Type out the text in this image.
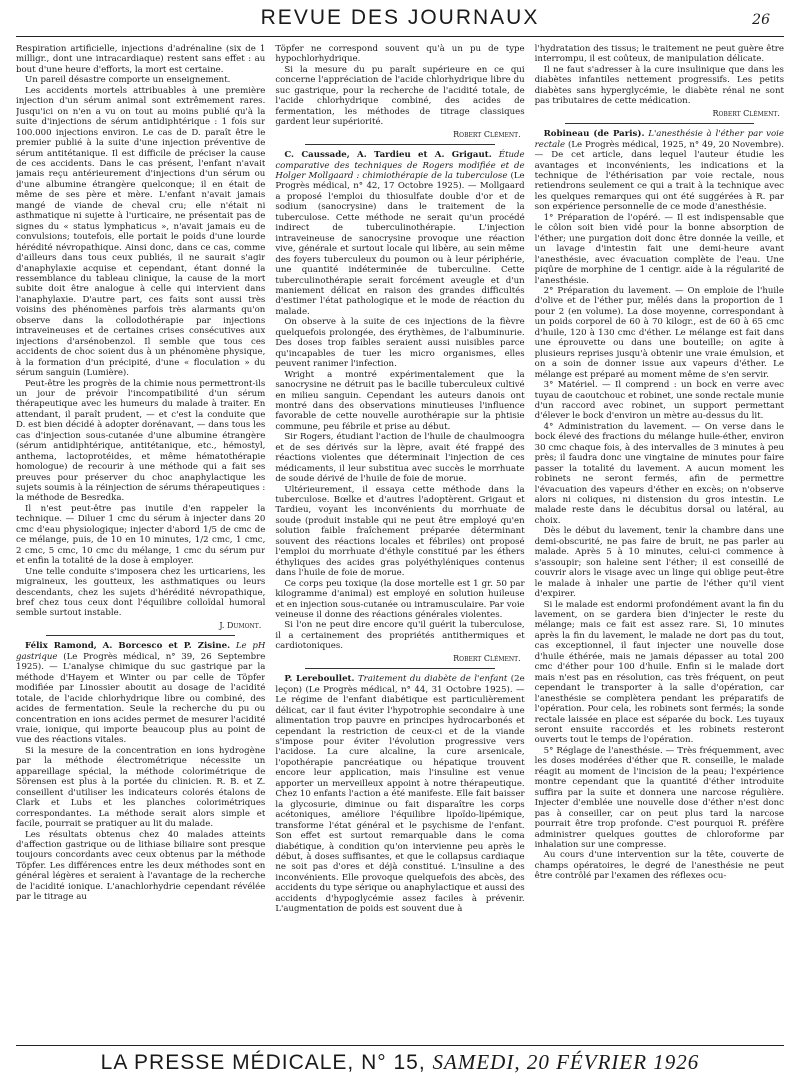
REVUE DES JOURNAUX	26

Respiration artificielle, injections d'adrénaline (six de 1 milligr., dont une intracardiaque) restent sans effet : au bout d'une heure d'efforts, la mort est certaine.

Un pareil désastre comporte un enseignement.

Les accidents mortels attribuables à une première injection d'un sérum animal sont extrêmement rares. Jusqu'ici on n'en a vu on tout au moins publié qu'à la suite d'injections de sérum antidiphtérique : 1 fois sur 100.000 injections environ. Le cas de D. paraît être le premier publié à la suite d'une injection préventive de sérum antitétanique. Il est difficile de préciser la cause de ces accidents. Dans le cas présent, l'enfant n'avait jamais reçu antérieurement d'injections d'un sérum ou d'une albumine étrangère quelconque; il en était de même de ses père et mère. L'enfant n'avait jamais mangé de viande de cheval cru; elle n'était ni asthmatique ni sujette à l'urticaire, ne présentait pas de signes du « status lymphaticus », n'avait jamais eu de convulsions; toutefois, elle portait le poids d'une lourde hérédité névropathique. Ainsi donc, dans ce cas, comme d'ailleurs dans tous ceux publiés, il ne saurait s'agir d'anaphylaxie acquise et cependant, étant donné la ressemblance du tableau clinique, la cause de la mort subite doit être analogue à celle qui intervient dans l'anaphylaxie. D'autre part, ces faits sont aussi très voisins des phénomènes parfois très alarmants qu'on observe dans la collodothérapie par injections intraveineuses et de certaines crises consécutives aux injections d'arsénobenzol. Il semble que tous ces accidents de choc soient dus à un phénomène physique, à la formation d'un précipité, d'une « floculation » du sérum sanguin (Lumière).

Peut-être les progrès de la chimie nous permettront-ils un jour de prévoir l'incompatibilité d'un sérum thérapeutique avec les humeurs du malade à traiter. En attendant, il paraît prudent, — et c'est la conduite que D. est bien décidé à adopter dorénavant, — dans tous les cas d'injection sous-cutanée d'une albumine étrangère (sérum antidiphtérique, antitétanique, etc., hémostyl, anthema, lactoprotéides, et même hématothérapie homologue) de recourir à une méthode qui a fait ses preuves pour préserver du choc anaphylactique les sujets soumis à la réinjection de sérums thérapeutiques : la méthode de Besredka.

Il n'est peut-être pas inutile d'en rappeler la technique. — Diluer 1 cmc du sérum à injecter dans 20 cmc d'eau physiologique; injecter d'abord 1/5 de cmc de ce mélange, puis, de 10 en 10 minutes, 1/2 cmc, 1 cmc, 2 cmc, 5 cmc, 10 cmc du mélange, 1 cmc du sérum pur et enfin la totalité de la dose à employer.

Une telle conduite s'imposera chez les urticariens, les migraineux, les goutteux, les asthmatiques ou leurs descendants, chez les sujets d'hérédité névropathique, bref chez tous ceux dont l'équilibre colloïdal humoral semble surtout instable.

J. Dumont.

Félix Ramond, A. Borcesco et P. Zisine. Le pH gastrique (Le Progrès médical, n° 39, 26 Septembre 1925). — L'analyse chimique du suc gastrique par la méthode d'Hayem et Winter ou par celle de Töpfer modifiée par Linossier aboutit au dosage de l'acidité totale, de l'acide chlorhydrique libre ou combiné, des acides de fermentation. Seule la recherche du pu ou concentration en ions acides permet de mesurer l'acidité vraie, ionique, qui importe beaucoup plus au point de vue des réactions vitales.

Si la mesure de la concentration en ions hydrogène par la méthode électrométrique nécessite un appareillage spécial, la méthode colorimétrique de Sörensen est plus à la portée du clinicien. R. B. et Z. conseillent d'utiliser les indicateurs colorés étalons de Clark et Lubs et les planches colorimétriques correspondantes. La méthode serait alors simple et facile, pourrait se pratiquer au lit du malade.

Les résultats obtenus chez 40 malades atteints d'affection gastrique ou de lithiase biliaire sont presque toujours concordants avec ceux obtenus par la méthode Töpfer. Les différences entre les deux méthodes sont en général légères et seraient à l'avantage de la recherche de l'acidité ionique. L'anachlorhydrie cependant révélée par le titrage au

Töpfer ne correspond souvent qu'à un pu de type hypochlorhydrique.

Si la mesure du pu paraît supérieure en ce qui concerne l'appréciation de l'acide chlorhydrique libre du suc gastrique, pour la recherche de l'acidité totale, de l'acide chlorhydrique combiné, des acides de fermentation, les méthodes de titrage classiques gardent leur supériorité.

Robert Clément.

C. Caussade, A. Tardieu et A. Grigaut. Étude comparative des techniques de Rogers modifiée et de Holger Mollgaard : chimiothérapie de la tuberculose (Le Progrès médical, n° 42, 17 Octobre 1925). — Mollgaard a proposé l'emploi du thiosulfate double d'or et de sodium (sanocrysine) dans le traitement de la tuberculose. Cette méthode ne serait qu'un procédé indirect de tuberculinothérapie. L'injection intraveineuse de sanocrysine provoque une réaction vive, générale et surtout locale qui libère, au sein même des foyers tuberculeux du poumon ou à leur périphérie, une quantité indéterminée de tuberculine. Cette tuberculinothérapie serait forcément aveugle et d'un maniement délicat en raison des grandes difficultés d'estimer l'état pathologique et le mode de réaction du malade.

On observe à la suite de ces injections de la fièvre quelquefois prolongée, des érythèmes, de l'albuminurie. Des doses trop faibles seraient aussi nuisibles parce qu'incapables de tuer les micro organismes, elles peuvent ranimer l'infection.

Wright a montré expérimentalement que la sanocrysine ne détruit pas le bacille tuberculeux cultivé en milieu sanguin. Cependant les auteurs danois ont montré dans des observations minutieuses l'influence favorable de cette nouvelle aurothérapie sur la phtisie commune, peu fébrile et prise au début.

Sir Rogers, étudiant l'action de l'huile de chaulmoogra et de ses dérivés sur la lèpre, avait été frappé des réactions violentes que déterminait l'injection de ces médicaments, il leur substitua avec succès le morrhuate de soude dérivé de l'huile de foie de morue.

Ultérieurement, il essaya cette méthode dans la tuberculose. Bœlke et d'autres l'adoptèrent. Grigaut et Tardieu, voyant les inconvénients du morrhuate de soude (produit instable qui ne peut être employé qu'en solution faible fraîchement préparée déterminant souvent des réactions locales et fébriles) ont proposé l'emploi du morrhuate d'éthyle constitué par les éthers éthyliques des acides gras polyéthyléniques contenus dans l'huile de foie de morue.

Ce corps peu toxique (la dose mortelle est 1 gr. 50 par kilogramme d'animal) est employé en solution huileuse et en injection sous-cutanée ou intramusculaire. Par voie veineuse il donne des réactions générales violentes.

Si l'on ne peut dire encore qu'il guérit la tuberculose, il a certainement des propriétés antithermiques et cardiotoniques.

Robert Clément.

P. Lereboullet. Traitement du diabète de l'enfant (2e leçon) (Le Progrès médical, n° 44, 31 Octobre 1925). — Le régime de l'enfant diabétique est particulièrement délicat, car il faut éviter l'hypotrophie secondaire à une alimentation trop pauvre en principes hydrocarbonés et cependant la restriction de ceux-ci et de la viande s'impose pour éviter l'évolution progressive vers l'acidose. La cure alcaline, la cure arsenicale, l'opothérapie pancréatique ou hépatique trouvent encore leur application, mais l'insuline est venue apporter un merveilleux appoint à notre thérapeutique. Chez 10 enfants l'action a été manifeste. Elle fait baisser la glycosurie, diminue ou fait disparaître les corps acétoniques, améliore l'équilibre lipoïdo-lipémique, transforme l'état général et le psychisme de l'enfant. Son effet est surtout remarquable dans le coma diabétique, à condition qu'on intervienne peu après le début, à doses suffisantes, et que le collapsus cardiaque ne soit pas d'ores et déjà constitué. L'insuline a des inconvénients. Elle provoque quelquefois des abcès, des accidents du type sérique ou anaphylactique et aussi des accidents d'hypoglycémie assez faciles à prévenir. L'augmentation de poids est souvent due à

l'hydratation des tissus; le traitement ne peut guère être interrompu, il est coûteux, de manipulation délicate.

Il ne faut s'adresser à la cure insulinique que dans les diabètes infantiles nettement progressifs. Les petits diabètes sans hyperglycémie, le diabète rénal ne sont pas tributaires de cette médication.

Robert Clément.

Robineau (de Paris). L'anesthésie à l'éther par voie rectale (Le Progrès médical, 1925, n° 49, 20 Novembre). — De cet article, dans lequel l'auteur étudie les avantages et inconvénients, les indications et la technique de l'éthérisation par voie rectale, nous retiendrons seulement ce qui a trait à la technique avec les quelques remarques qui ont été suggérées à R. par son expérience personnelle de ce mode d'anesthésie.

1° Préparation de l'opéré. — Il est indispensable que le côlon soit bien vidé pour la bonne absorption de l'éther; une purgation doit donc être donnée la veille, et un lavage d'intestin fait une demi-heure avant l'anesthésie, avec évacuation complète de l'eau. Une piqûre de morphine de 1 centigr. aide à la régularité de l'anesthésie.

2° Préparation du lavement. — On emploie de l'huile d'olive et de l'éther pur, mêlés dans la proportion de 1 pour 2 (en volume). La dose moyenne, correspondant à un poids corporel de 60 à 70 kilogr., est de 60 à 65 cmc d'huile, 120 à 130 cmc d'éther. Le mélange est fait dans une éprouvette ou dans une bouteille; on agite à plusieurs reprises jusqu'à obtenir une vraie émulsion, et on a soin de donner issue aux vapeurs d'éther. Le mélange est préparé au moment même de s'en servir.

3° Matériel. — Il comprend : un bock en verre avec tuyau de caoutchouc et robinet, une sonde rectale munie d'un raccord avec robinet, un support permettant d'élever le bock d'environ un mètre au-dessus du lit.

4° Administration du lavement. — On verse dans le bock élevé des fractions du mélange huile-éther, environ 30 cmc chaque fois, à des intervalles de 3 minutes à peu près; il faudra donc une vingtaine de minutes pour faire passer la totalité du lavement. A aucun moment les robinets ne seront fermés, afin de permettre l'évacuation des vapeurs d'éther en excès; on n'observe alors ni coliques, ni distension du gros intestin. Le malade reste dans le décubitus dorsal ou latéral, au choix.

Dès le début du lavement, tenir la chambre dans une demi-obscurité, ne pas faire de bruit, ne pas parler au malade. Après 5 à 10 minutes, celui-ci commence à s'assoupir; son haleine sent l'éther; il est conseillé de couvrir alors le visage avec un linge qui oblige peut-être le malade à inhaler une partie de l'éther qu'il vient d'expirer.

Si le malade est endormi profondément avant la fin du lavement, on se gardera bien d'injecter le reste du mélange; mais ce fait est assez rare. Si, 10 minutes après la fin du lavement, le malade ne dort pas du tout, cas exceptionnel, il faut injecter une nouvelle dose d'huile éthérée, mais ne jamais dépasser au total 200 cmc d'éther pour 100 d'huile. Enfin si le malade dort mais n'est pas en résolution, cas très fréquent, on peut cependant le transporter à la salle d'opération, car l'anesthésie se complètera pendant les préparatifs de l'opération. Pour cela, les robinets sont fermés; la sonde rectale laissée en place est séparée du bock. Les tuyaux seront ensuite raccordés et les robinets resteront ouverts tout le temps de l'opération.

5° Réglage de l'anesthésie. — Très fréquemment, avec les doses modérées d'éther que R. conseille, le malade réagit au moment de l'incision de la peau; l'expérience montre cependant que la quantité d'éther introduite suffira par la suite et donnera une narcose régulière. Injecter d'emblée une nouvelle dose d'éther n'est donc pas à conseiller, car on peut plus tard la narcose pourrait être trop profonde. C'est pourquoi R. préfère administrer quelques gouttes de chloroforme par inhalation sur une compresse.

Au cours d'une intervention sur la tête, couverte de champs opératoires, le degré de l'anesthésie ne peut être contrôlé par l'examen des réflexes ocu-

LA PRESSE MÉDICALE, N° 15, SAMEDI, 20 FÉVRIER 1926
